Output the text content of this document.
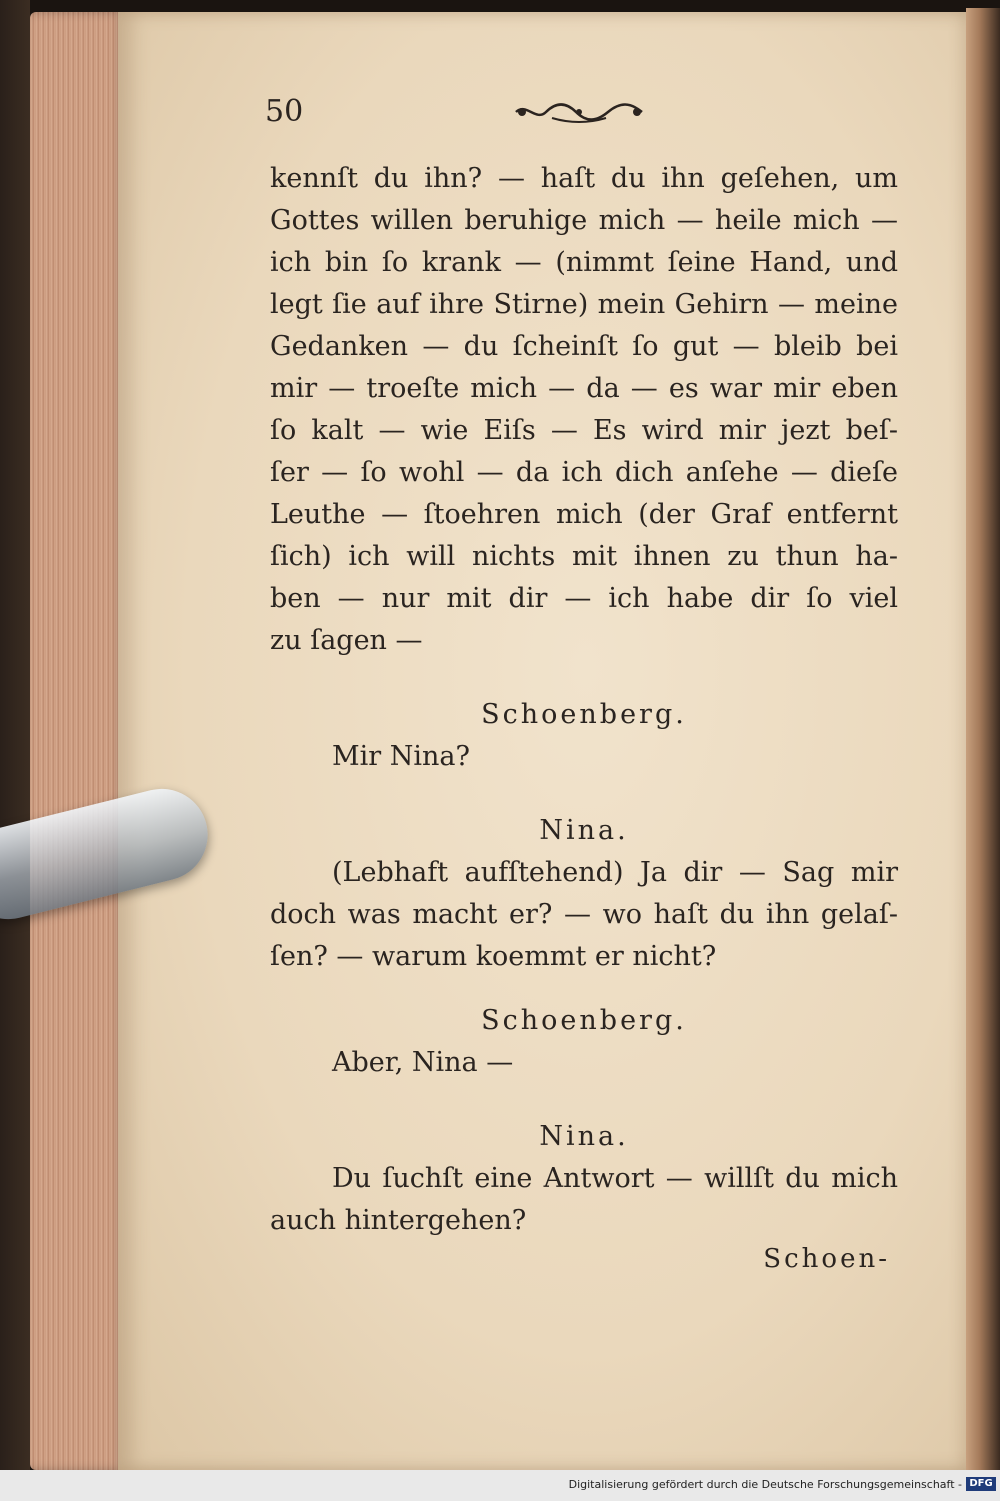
50
kennſt du ihn? — haſt du ihn geſehen, um
Gottes willen beruhige mich — heile mich —
ich bin ſo krank — (nimmt ſeine Hand, und
legt ſie auf ihre Stirne) mein Gehirn — meine
Gedanken — du ſcheinſt ſo gut — bleib bei
mir — troeſte mich — da — es war mir eben
ſo kalt — wie Eiſs — Es wird mir jezt beſ-
ſer — ſo wohl — da ich dich anſehe — dieſe
Leuthe — ſtoehren mich (der Graf entfernt
ſich) ich will nichts mit ihnen zu thun ha-
ben — nur mit dir — ich habe dir ſo viel
zu ſagen —
Schoenberg.
Mir Nina?
Nina.
(Lebhaft aufſtehend) Ja dir — Sag mir
doch was macht er? — wo haſt du ihn gelaſ-
ſen? — warum koemmt er nicht?
Schoenberg.
Aber, Nina —
Nina.
Du ſuchſt eine Antwort — willſt du mich
auch hintergehen?
Schoen-
Digitalisierung gefördert durch die Deutsche Forschungsgemeinschaft - DFG
